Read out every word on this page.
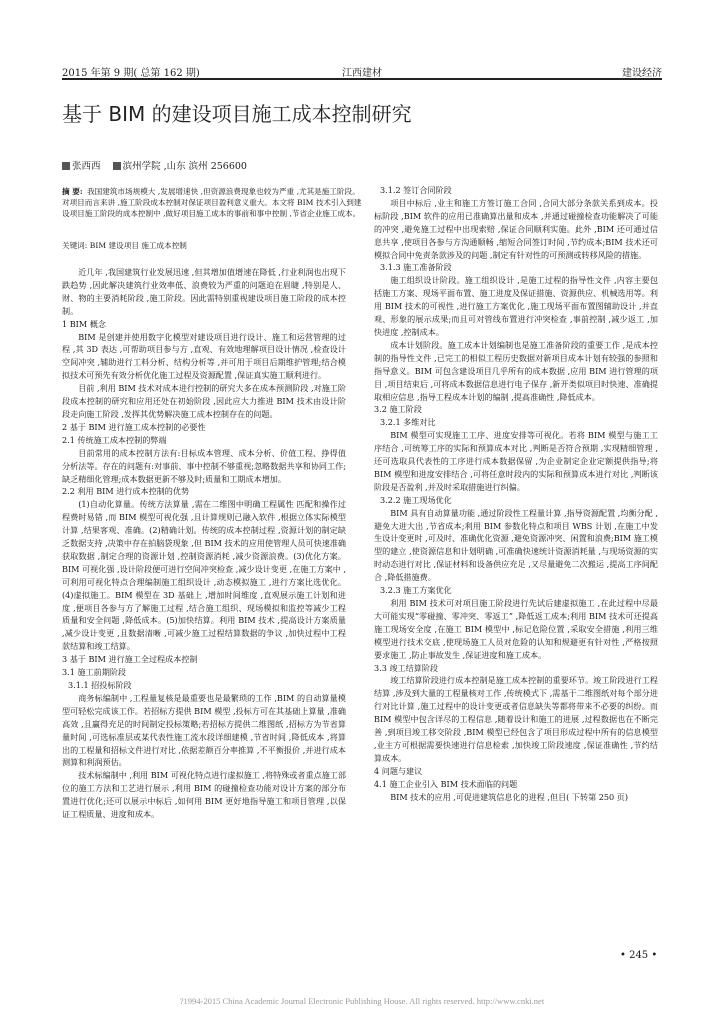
2015 年第 9 期( 总第 162 期)	江西建材	建设经济
基于 BIM 的建设项目施工成本控制研究
张西西 滨州学院 ,山东 滨州 256600
摘 要: 我国建筑市场规模大 ,发展增速快 ,但资源浪费现象也较为严重 ,尤其是施工阶段。对项目而言来讲 ,施工阶段成本控制对保证项目盈利意义重大。本文将 BIM 技术引入到建设项目施工阶段的成本控制中 ,做好项目施工成本的事前和事中控制 ,节省企业施工成本。
关键词: BIM 建设项目 施工成本控制

近几年 ,我国建筑行业发展迅速 ,但其增加值增速在降低 ,行业利润也出现下跌趋势 ,因此解决建筑行业效率低、浪费较为严重的问题迫在眉睫 ,特别是人、财、物的主要消耗阶段 ,施工阶段。因此需特别重视建设项目施工阶段的成本控制。

1 BIM 概念

BIM 是创建并使用数字化模型对建设项目进行设计、施工和运营管理的过程 ,其 3D 表达 ,可帮助项目参与方 ,直观、有效地理解项目设计情况 ,检查设计空间冲突 ,辅助进行工料分析、结构分析等 ,并可用于项目后期维护管理;结合模拟技术可预先有效分析优化施工过程及资源配置 ,保证真实施工顺利进行。

目前 ,利用 BIM 技术对成本进行控制的研究大多在成本预测阶段 ,对施工阶段成本控制的研究和应用还处在初始阶段 ,因此应大力推进 BIM 技术由设计阶段走向施工阶段 ,发挥其优势解决施工成本控制存在的问题。

2 基于 BIM 进行施工成本控制的必要性

2.1 传统施工成本控制的弊端

目前常用的成本控制方法有:目标成本管理、成本分析、价值工程、挣得值分析法等。存在的问题有:对事前、事中控制不够重视;忽略数据共享和协同工作;缺乏精细化管理;成本数据更新不够及时;质量和工期成本增加。

2.2 利用 BIM 进行成本控制的优势

(1)自动化算量。传统方法算量 ,需在二维图中明确工程属性 匹配和操作过程费时易错 ,而 BIM 模型可视化强 ,且计算规则已融入软件 ,根据立体实际模型计算 ,结果客观、准确。(2)精确计划。传统的成本控制过程 ,资源计划的制定缺乏数据支持 ,决策中存在拍脑袋现象 ,但 BIM 技术的应用使管理人员可快速准确获取数据 ,制定合理的资源计划 ,控制资源消耗 ,减少资源浪费。(3)优化方案。BIM 可视化强 ,设计阶段便可进行空间冲突检查 ,减少设计变更 ,在施工方案中 ,可利用可视化特点合理编制施工组织设计 ,动态模拟施工 ,进行方案比选优化。(4)虚拟施工。BIM 模型在 3D 基础上 ,增加时间维度 ,直观展示施工计划和进度 ,便项目各参与方了解施工过程 ,结合施工组织、现场模拟和监控等减少工程质量和安全问题 ,降低成本。(5)加快结算。利用 BIM 技术 ,提高设计方案质量 ,减少设计变更 ,且数据清晰 ,可减少施工过程结算数据的争议 ,加快过程中工程款结算和竣工结算。

3 基于 BIM 进行施工全过程成本控制

3.1 施工前期阶段

3.1.1 招投标阶段

商务标编制中 ,工程量复核是最重要也是最繁琐的工作 ,BIM 的自动算量模型可轻松完成该工作。若招标方提供 BIM 模型 ,投标方可在其基础上算量 ,准确高效 ,且赢得充足的时间制定投标策略;若招标方提供二维图纸 ,招标方为节省算量时间 ,可选标准层或某代表性施工流水段详细建模 ,节省时间 ,降低成本 ,将算出的工程量和招标文件进行对比 ,依据差额百分率推算 ,不平衡报价 ,并进行成本测算和利润预估。

技术标编制中 ,利用 BIM 可视化特点进行虚拟施工 ,将特殊或者重点施工部位的施工方法和工艺进行展示 ,利用 BIM 的碰撞检查功能对设计方案的部分布置进行优化;还可以展示中标后 ,如何用 BIM 更好地指导施工和项目管理 ,以保证工程质量、进度和成本。

3.1.2 签订合同阶段

项目中标后 ,业主和施工方签订施工合同 ,合同大部分条款关系到成本。投标阶段 ,BIM 软件的应用已准确算出量和成本 ,并通过碰撞检查功能解决了可能的冲突 ,避免施工过程中出现索赔 ,保证合同顺利实施。此外 ,BIM 还可通过信息共享 ,使项目各参与方沟通顺畅 ,缩短合同签订时间 ,节约成本;BIM 技术还可模拟合同中免责条款涉及的问题 ,制定有针对性的可预测或转移风险的措施。

3.1.3 施工准备阶段

施工组织设计阶段。施工组织设计 ,是施工过程的指导性文件 ,内容主要包括施工方案、现场平面布置、施工进度及保证措施、资源供应、机械选用等。利用 BIM 技术的可视性 ,进行施工方案优化 ,施工现场平面布置图辅助设计 ,并直观、形象的展示成果;而且可对管线布置进行冲突检查 ,事前控制 ,减少返工 ,加快进度 ,控制成本。

成本计划阶段。施工成本计划编制也是施工准备阶段的重要工作 ,是成本控制的指导性文件 ,已完工的相似工程历史数据对新项目成本计划有较强的参照和指导意义。BIM 可包含建设项目几乎所有的成本数据 ,应用 BIM 进行管理的项目 ,项目结束后 ,可将成本数据信息进行电子保存 ,新开类似项目时快速、准确提取相应信息 ,指导工程成本计划的编制 ,提高准确性 ,降低成本。

3.2 施工阶段

3.2.1 多维对比

BIM 模型可实现施工工序、进度安排等可视化。若将 BIM 模型与施工工序结合 ,可统筹工序的实际和预算成本对比 ,判断是否符合预期 ,实现精细管理 ,还可选取具代表性的工序进行成本数据保留 ,为企业制定企业定额提供指导;将 BIM 模型和进度安排结合 ,可将任意时段内的实际和预算成本进行对比 ,判断该阶段是否盈利 ,并及时采取措施进行纠偏。

3.2.2 施工现场优化

BIM 具有自动算量功能 ,通过阶段性工程量计算 ,指导资源配置 ,均衡分配 ,避免大进大出 ,节省成本;利用 BIM 参数化特点和项目 WBS 计划 ,在施工中发生设计变更时 ,可及时、准确优化资源 ,避免资源冲突、闲置和浪费;BIM 施工模型的建立 ,使资源信息和计划明确 ,可准确快速统计资源消耗量 ,与现场资源的实时动态进行对比 ,保证材料和设备供应充足 ,又尽量避免二次搬运 ,提高工序间配合 ,降低措施费。

3.2.3 施工方案优化

利用 BIM 技术可对项目施工阶段进行先试后建虚拟施工 ,在此过程中尽最大可能实现“零碰撞、零冲突、零返工” ,降低返工成本;利用 BIM 技术可还提高施工现场安全度 ,在施工 BIM 模型中 ,标记危险位置 ,采取安全措施 ,利用三维模型进行技术交底 ,使现场施工人员对危险的认知和规避更有针对性 ,严格按照要求施工 ,防止事故发生 ,保证进度和施工成本。

3.3 竣工结算阶段

竣工结算阶段进行成本控制是施工成本控制的重要环节。竣工阶段进行工程结算 ,涉及到大量的工程量核对工作 ,传统模式下 ,需基于二维图纸对每个部分进行对比计算 ,施工过程中的设计变更或者信息缺失等都将带来不必要的纠纷。而 BIM 模型中包含详尽的工程信息 ,随着设计和施工的进展 ,过程数据也在不断完善 ,到项目竣工移交阶段 ,BIM 模型已经包含了项目形成过程中所有的信息模型 ,业主方可根据需要快速进行信息检索 ,加快竣工阶段速度 ,保证准确性 ,节约结算成本。

4 问题与建议

4.1 施工企业引入 BIM 技术面临的问题

BIM 技术的应用 ,可促进建筑信息化的进程 ,但目( 下转第 250 页)

• 245 •
?1994-2015 China Academic Journal Electronic Publishing House. All rights reserved. http://www.cnki.net
